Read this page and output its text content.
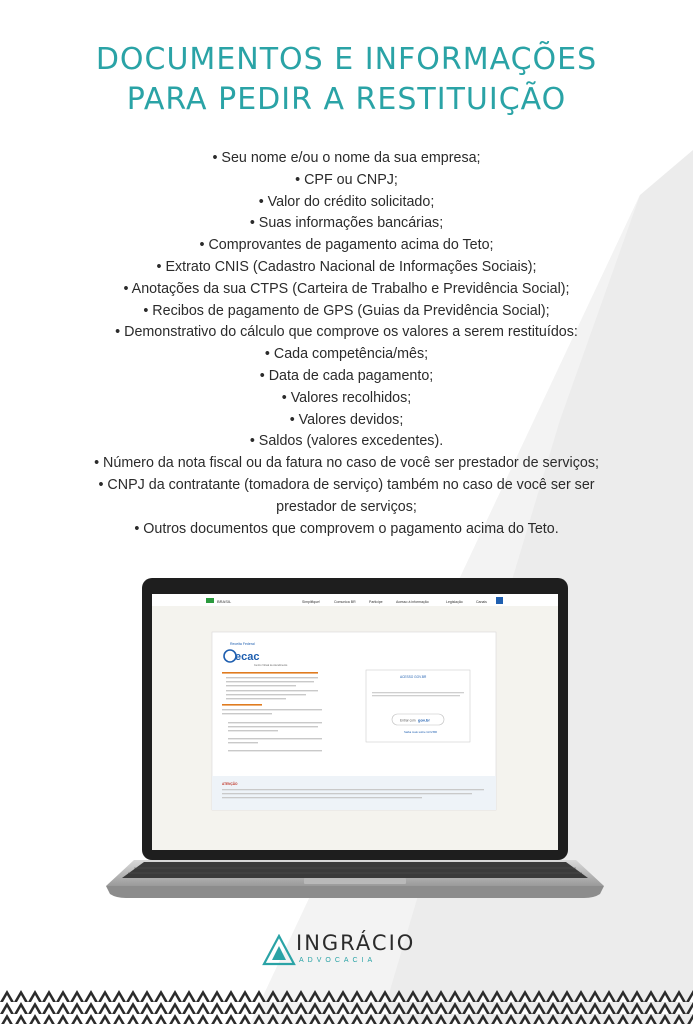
DOCUMENTOS E INFORMAÇÕES
PARA PEDIR A RESTITUIÇÃO
• Seu nome e/ou o nome da sua empresa;
• CPF ou CNPJ;
• Valor do crédito solicitado;
• Suas informações bancárias;
• Comprovantes de pagamento acima do Teto;
• Extrato CNIS (Cadastro Nacional de Informações Sociais);
• Anotações da sua CTPS (Carteira de Trabalho e Previdência Social);
• Recibos de pagamento de GPS (Guias da Previdência Social);
• Demonstrativo do cálculo que comprove os valores a serem restituídos:
• Cada competência/mês;
• Data de cada pagamento;
• Valores recolhidos;
• Valores devidos;
• Saldos (valores excedentes).
• Número da nota fiscal ou da fatura no caso de você ser prestador de serviços;
• CNPJ da contratante (tomadora de serviço) também no caso de você ser ser
prestador de serviços;
• Outros documentos que comprovem o pagamento acima do Teto.
BRASIL	Simplifique!	Comunica BR	Participe	Acesso à informação	Legislação	Canais
Receita Federal
ecac
Centro Virtual de Atendimento
ACESSO GOV.BR
Entrar com gov.br
Saiba mais sobre GOV.BR
ATENÇÃO
INGRÁCIO
ADVOCACIA
